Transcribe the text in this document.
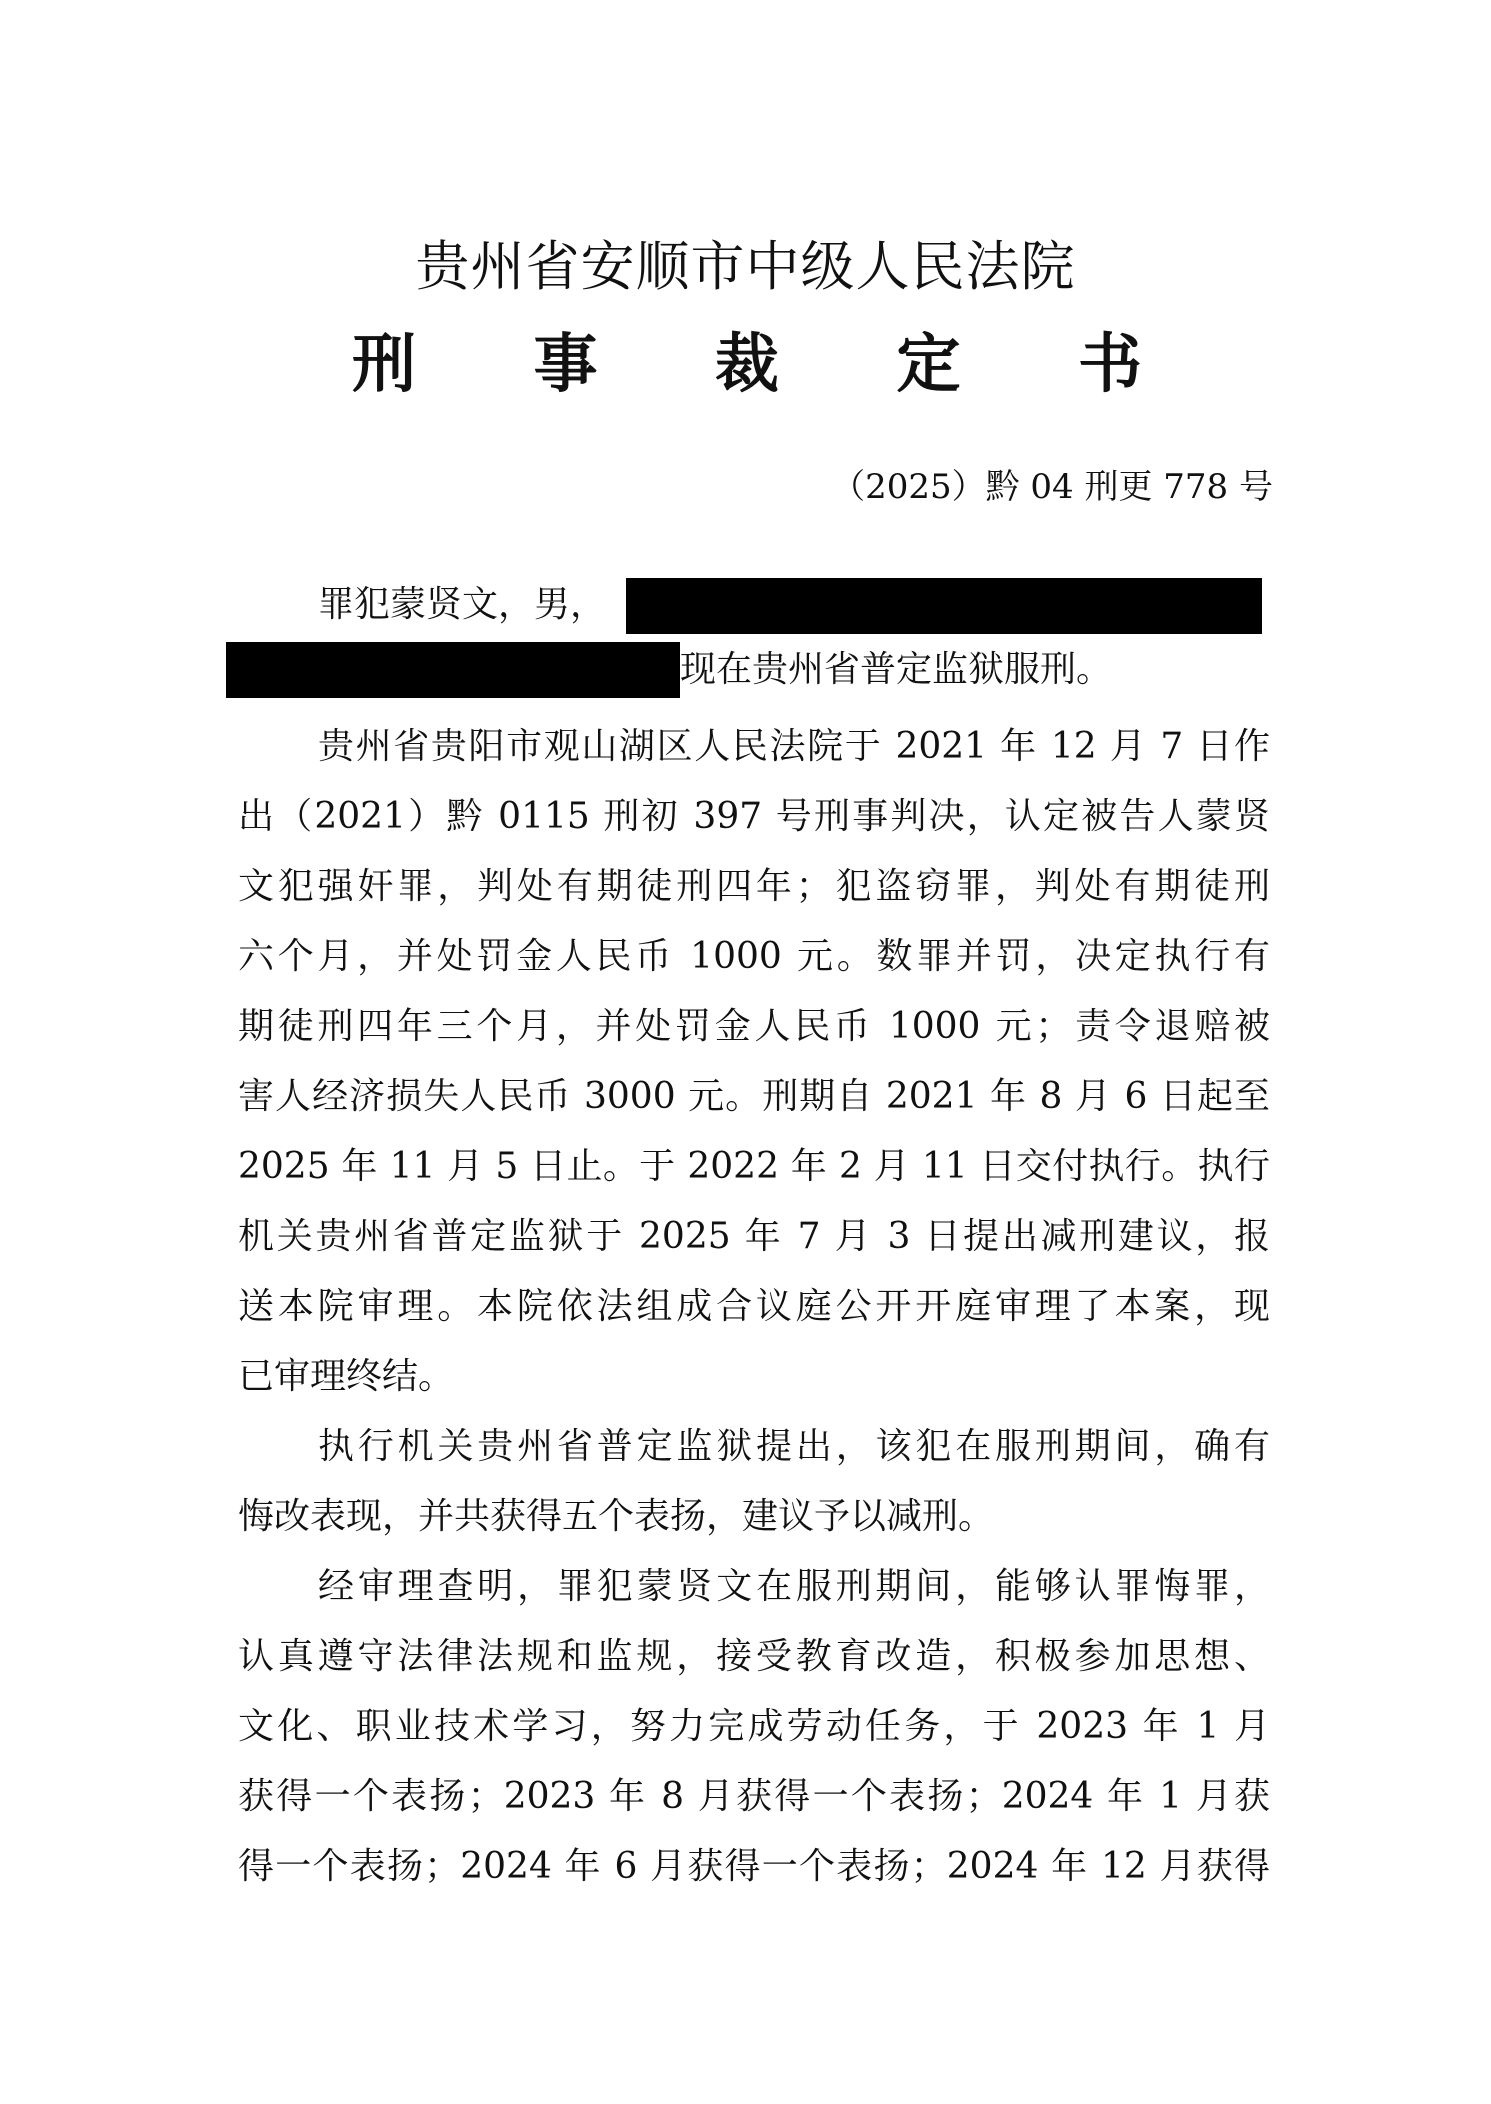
贵州省安顺市中级人民法院
刑 事 裁 定 书
（2025）黔 04 刑更 778 号
罪犯蒙贤文，男，
现在贵州省普定监狱服刑。
贵州省贵阳市观山湖区人民法院于 2021 年 12 月 7 日作
出（2021）黔 0115 刑初 397 号刑事判决，认定被告人蒙贤
文犯强奸罪，判处有期徒刑四年；犯盗窃罪，判处有期徒刑
六个月，并处罚金人民币 1000 元。数罪并罚，决定执行有
期徒刑四年三个月，并处罚金人民币 1000 元；责令退赔被
害人经济损失人民币 3000 元。刑期自 2021 年 8 月 6 日起至
2025 年 11 月 5 日止。于 2022 年 2 月 11 日交付执行。执行
机关贵州省普定监狱于 2025 年 7 月 3 日提出减刑建议，报
送本院审理。本院依法组成合议庭公开开庭审理了本案，现
已审理终结。
执行机关贵州省普定监狱提出，该犯在服刑期间，确有
悔改表现，并共获得五个表扬，建议予以减刑。
经审理查明，罪犯蒙贤文在服刑期间，能够认罪悔罪，
认真遵守法律法规和监规，接受教育改造，积极参加思想、
文化、职业技术学习，努力完成劳动任务，于 2023 年 1 月
获得一个表扬；2023 年 8 月获得一个表扬；2024 年 1 月获
得一个表扬；2024 年 6 月获得一个表扬；2024 年 12 月获得
